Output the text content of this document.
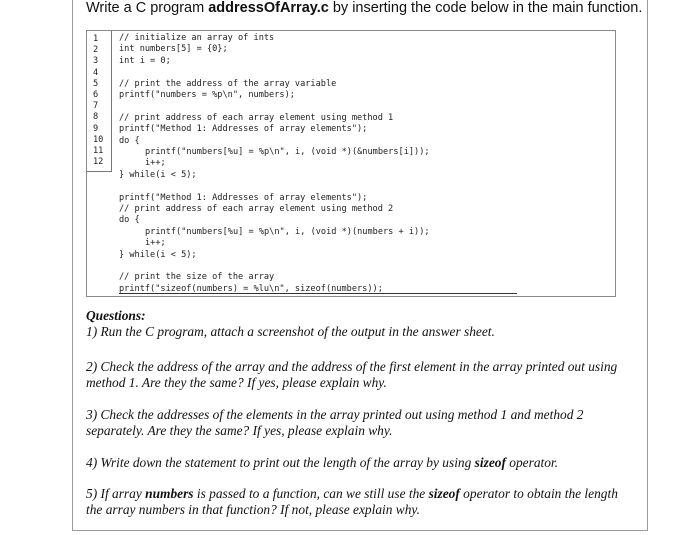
Write a C program addressOfArray.c by inserting the code below in the main function.
1
2
3
4
5
6
7
8
9
10
11
12
// initialize an array of ints
int numbers[5] = {0};
int i = 0;
// print the address of the array variable
printf("numbers = %p\n", numbers);
// print address of each array element using method 1
printf("Method 1: Addresses of array elements");
do {
printf("numbers[%u] = %p\n", i, (void *)(&numbers[i]));
i++;
} while(i < 5);
printf("Method 1: Addresses of array elements");
// print address of each array element using method 2
do {
printf("numbers[%u] = %p\n", i, (void *)(numbers + i));
i++;
} while(i < 5);
// print the size of the array
printf("sizeof(numbers) = %lu\n", sizeof(numbers));
Questions:
1) Run the C program, attach a screenshot of the output in the answer sheet.
2) Check the address of the array and the address of the first element in the array printed out using method 1. Are they the same? If yes, please explain why.
3) Check the addresses of the elements in the array printed out using method 1 and method 2 separately. Are they the same? If yes, please explain why.
4) Write down the statement to print out the length of the array by using sizeof operator.
5) If array numbers is passed to a function, can we still use the sizeof operator to obtain the length the array numbers in that function? If not, please explain why.
